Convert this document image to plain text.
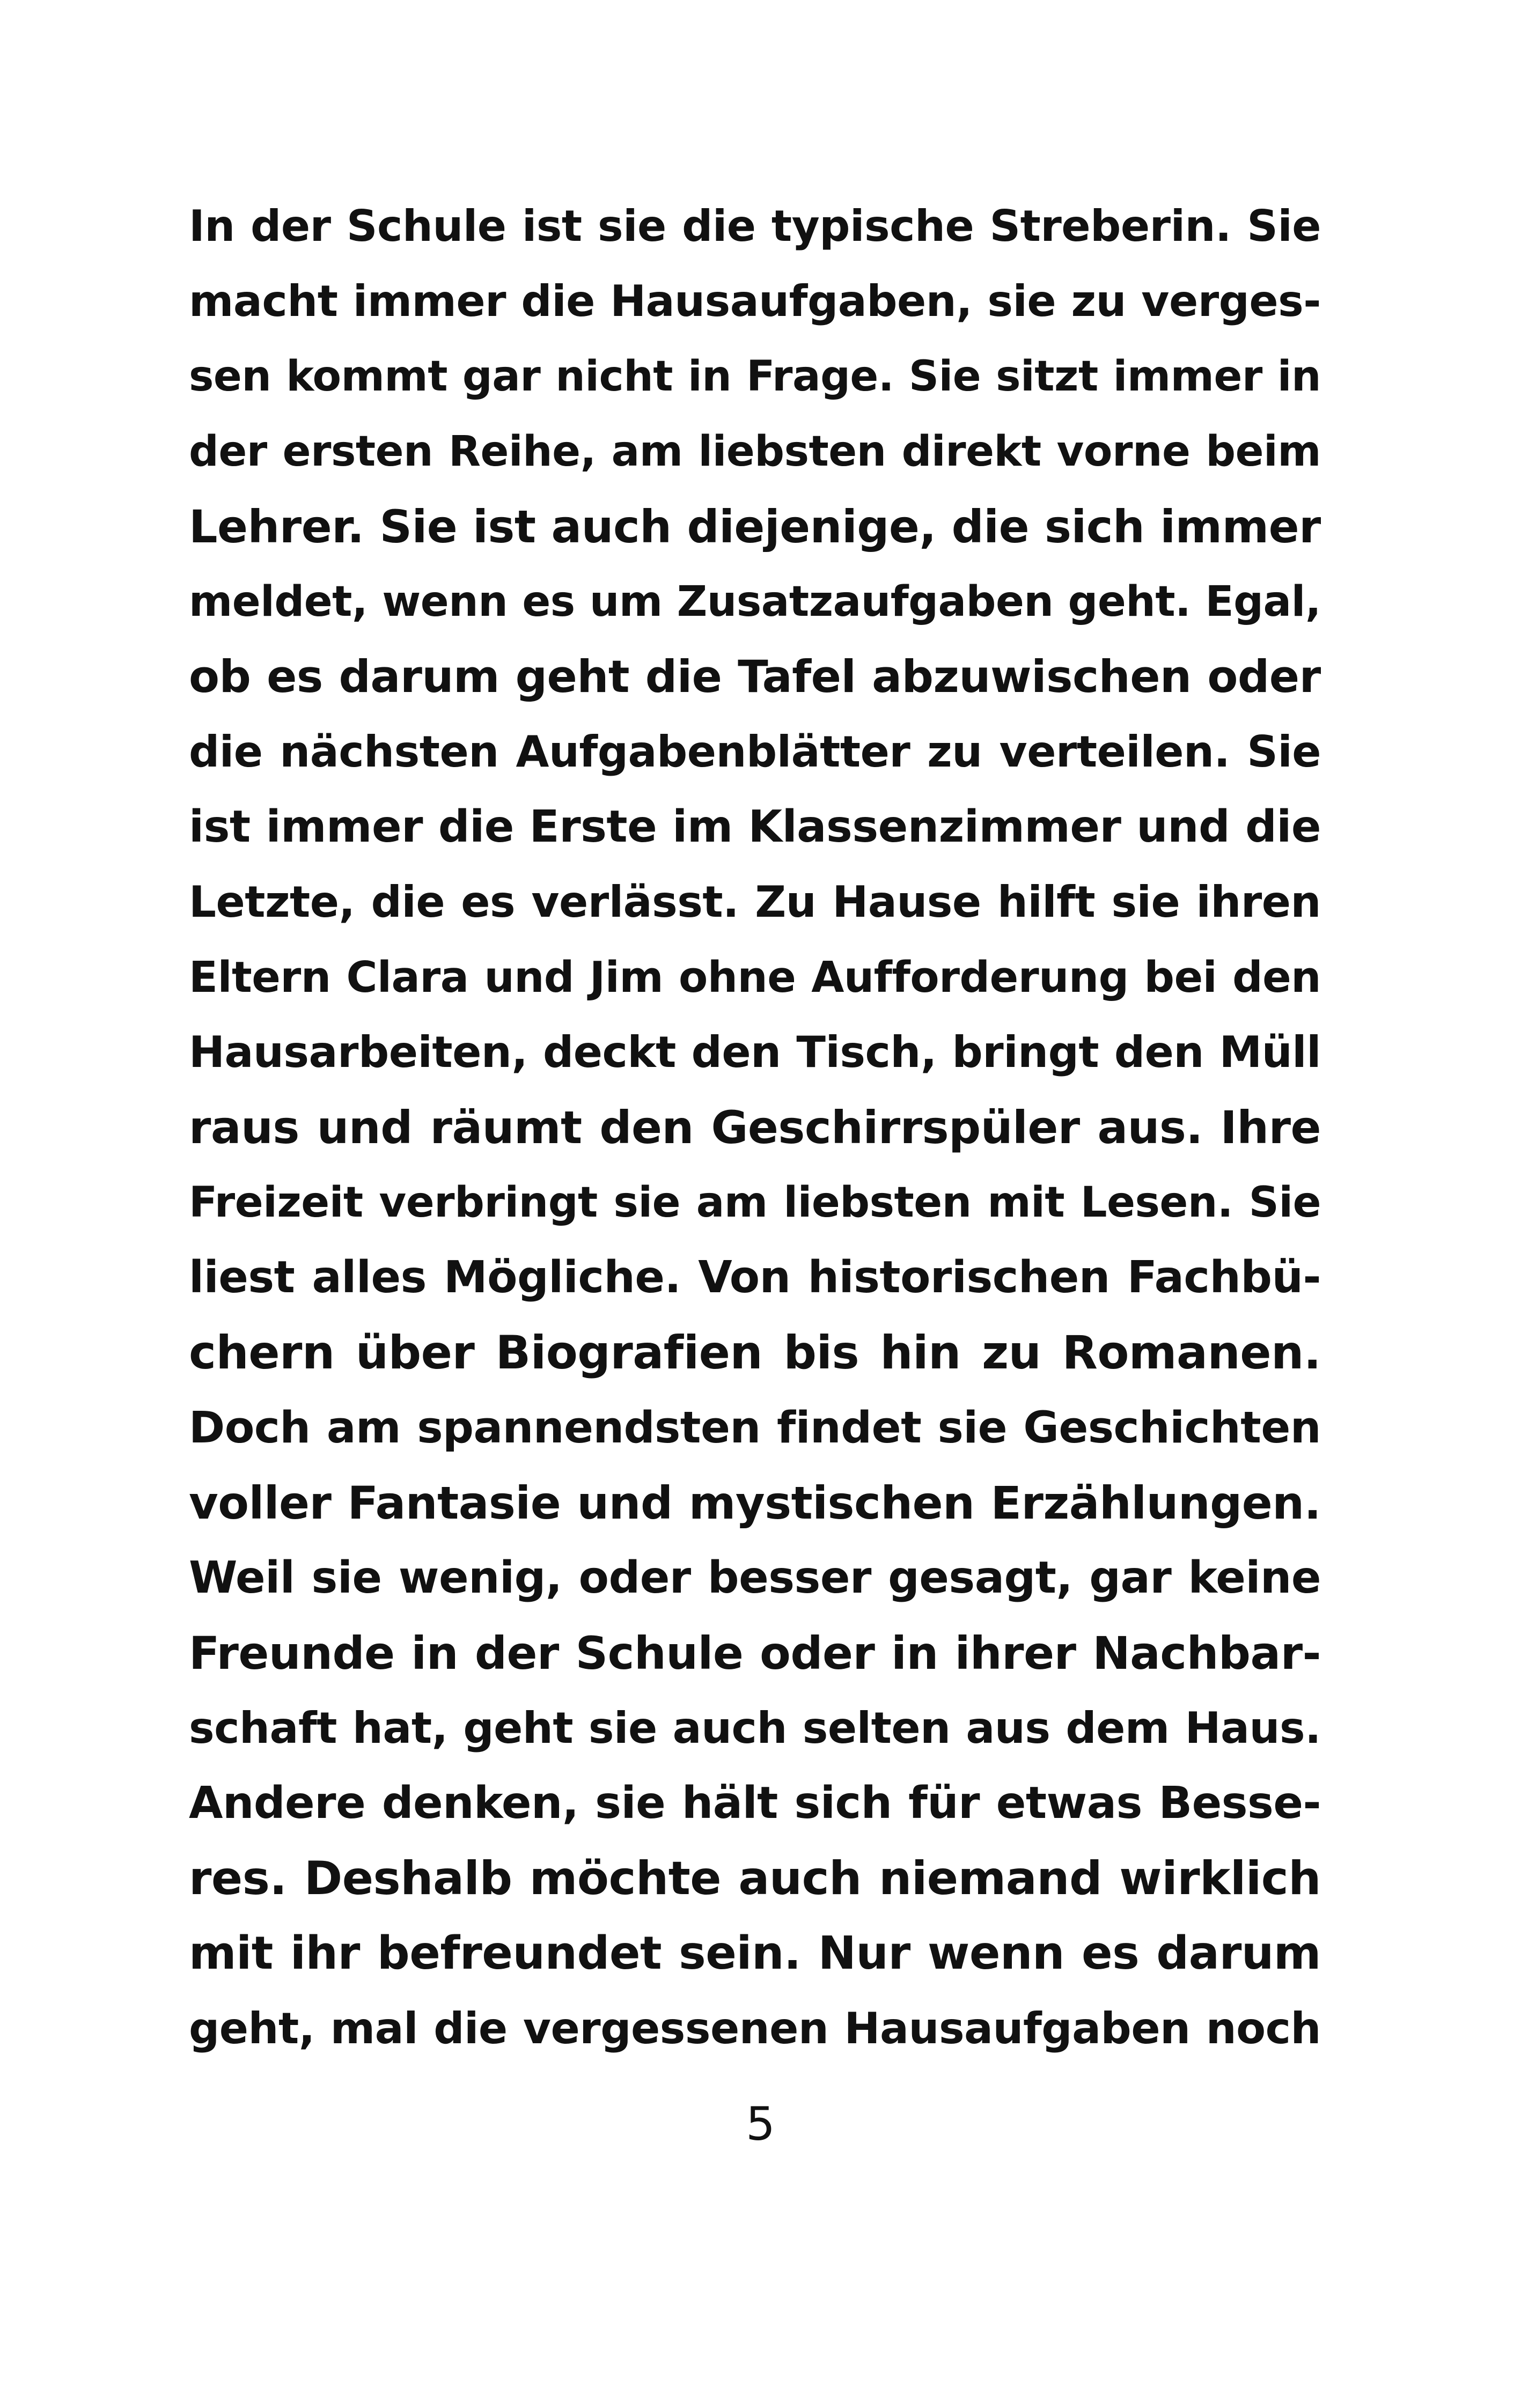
In der Schule ist sie die typische Streberin. Sie
macht immer die Hausaufgaben, sie zu verges-
sen kommt gar nicht in Frage. Sie sitzt immer in
der ersten Reihe, am liebsten direkt vorne beim
Lehrer. Sie ist auch diejenige, die sich immer
meldet, wenn es um Zusatzaufgaben geht. Egal,
ob es darum geht die Tafel abzuwischen oder
die nächsten Aufgabenblätter zu verteilen. Sie
ist immer die Erste im Klassenzimmer und die
Letzte, die es verlässt. Zu Hause hilft sie ihren
Eltern Clara und Jim ohne Aufforderung bei den
Hausarbeiten, deckt den Tisch, bringt den Müll
raus und räumt den Geschirrspüler aus. Ihre
Freizeit verbringt sie am liebsten mit Lesen. Sie
liest alles Mögliche. Von historischen Fachbü-
chern über Biografien bis hin zu Romanen.
Doch am spannendsten findet sie Geschichten
voller Fantasie und mystischen Erzählungen.
Weil sie wenig, oder besser gesagt, gar keine
Freunde in der Schule oder in ihrer Nachbar-
schaft hat, geht sie auch selten aus dem Haus.
Andere denken, sie hält sich für etwas Besse-
res. Deshalb möchte auch niemand wirklich
mit ihr befreundet sein. Nur wenn es darum
geht, mal die vergessenen Hausaufgaben noch
5
